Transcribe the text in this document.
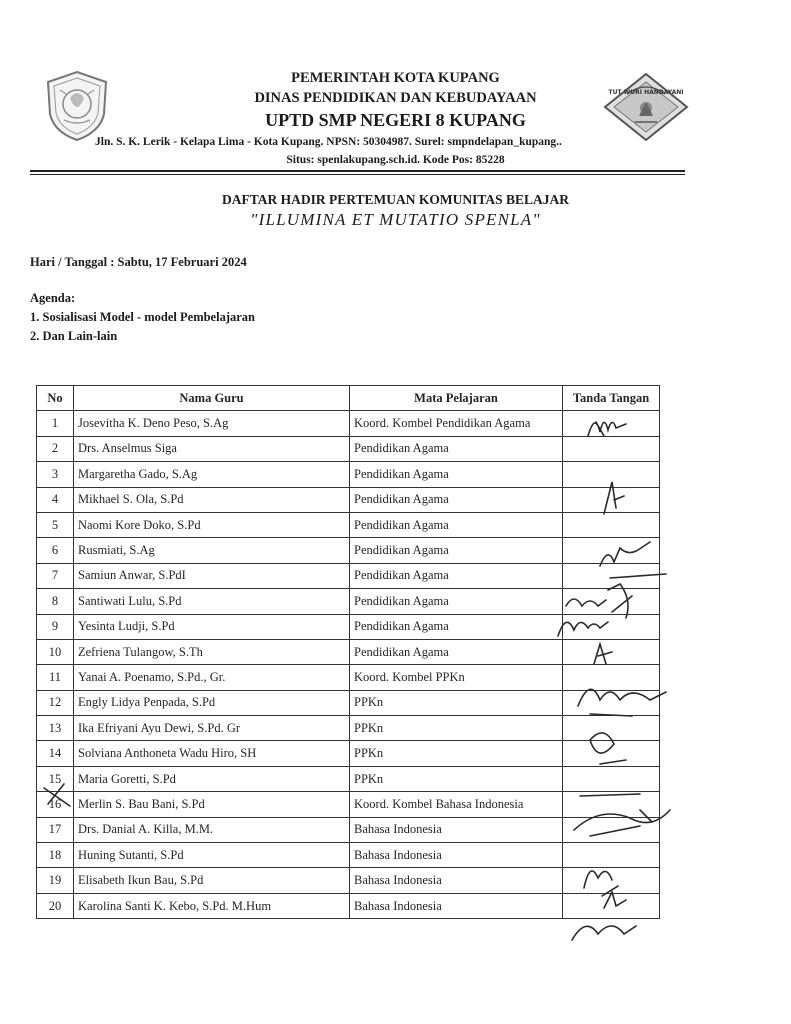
TUT WURI HANDAYANI
PEMERINTAH KOTA KUPANG
DINAS PENDIDIKAN DAN KEBUDAYAAN
UPTD SMP NEGERI 8 KUPANG
Jln. S. K. Lerik - Kelapa Lima - Kota Kupang. NPSN: 50304987. Surel: smpndelapan_kupang..
Situs: spenlakupang.sch.id. Kode Pos: 85228
DAFTAR HADIR PERTEMUAN KOMUNITAS BELAJAR
"ILLUMINA ET MUTATIO SPENLA"
Hari / Tanggal : Sabtu, 17 Februari 2024
Agenda:
1. Sosialisasi Model - model Pembelajaran
2. Dan Lain-lain
No	Nama Guru	Mata Pelajaran	Tanda Tangan
1	Josevitha K. Deno Peso, S.Ag	Koord. Kombel Pendidikan Agama	
2	Drs. Anselmus Siga	Pendidikan Agama	
3	Margaretha Gado, S.Ag	Pendidikan Agama	
4	Mikhael S. Ola, S.Pd	Pendidikan Agama	
5	Naomi Kore Doko, S.Pd	Pendidikan Agama	
6	Rusmiati, S.Ag	Pendidikan Agama	
7	Samiun Anwar, S.PdI	Pendidikan Agama	
8	Santiwati Lulu, S.Pd	Pendidikan Agama	
9	Yesinta Ludji, S.Pd	Pendidikan Agama	
10	Zefriena Tulangow, S.Th	Pendidikan Agama	
11	Yanai A. Poenamo, S.Pd., Gr.	Koord. Kombel PPKn	
12	Engly Lidya Penpada, S.Pd	PPKn	
13	Ika Efriyani Ayu Dewi, S.Pd. Gr	PPKn	
14	Solviana Anthoneta Wadu Hiro, SH	PPKn	
15	Maria Goretti, S.Pd	PPKn	
16	Merlin S. Bau Bani, S.Pd	Koord. Kombel Bahasa Indonesia	
17	Drs. Danial A. Killa, M.M.	Bahasa Indonesia	
18	Huning Sutanti, S.Pd	Bahasa Indonesia	
19	Elisabeth Ikun Bau, S.Pd	Bahasa Indonesia	
20	Karolina Santi K. Kebo, S.Pd. M.Hum	Bahasa Indonesia	
